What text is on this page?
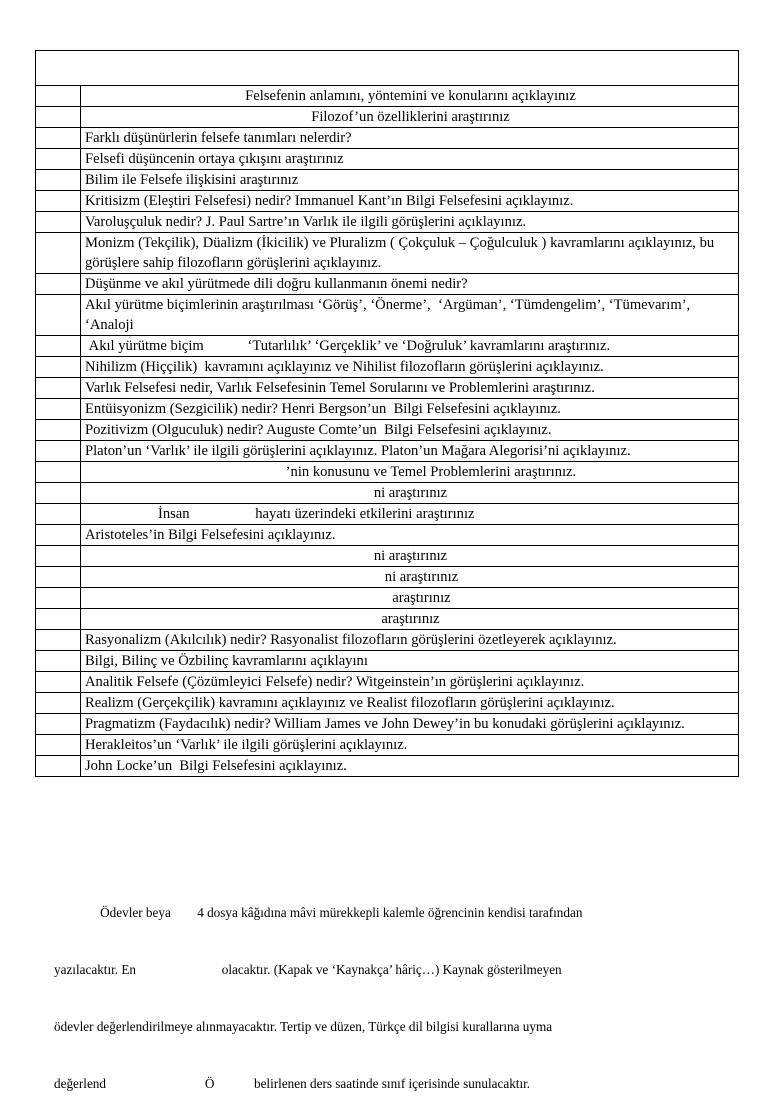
	Felsefenin anlamını, yöntemini ve konularını açıklayınız
	Filozof’un özelliklerini araştırınız
	Farklı düşünürlerin felsefe tanımları nelerdir?
	Felsefi düşüncenin ortaya çıkışını araştırınız
	Bilim ile Felsefe ilişkisini araştırınız
	Kritisizm (Eleştiri Felsefesi) nedir? Immanuel Kant’ın Bilgi Felsefesini açıklayınız.
	Varoluşçuluk nedir? J. Paul Sartre’ın Varlık ile ilgili görüşlerini açıklayınız.
	Monizm (Tekçilik), Düalizm (İkicilik) ve Pluralizm ( Çokçuluk – Çoğulculuk ) kavramlarını açıklayınız, bu görüşlere sahip filozofların görüşlerini açıklayınız.
	Düşünme ve akıl yürütmede dili doğru kullanmanın önemi nedir?
	Akıl yürütme biçimlerinin araştırılması ‘Görüş’, ‘Önerme’,  ‘Argüman’, ‘Tümdengelim’, ‘Tümevarım’, ‘Analoji
	Akıl yürütme biçim            ‘Tutarlılık’ ‘Gerçeklik’ ve ‘Doğruluk’ kavramlarını araştırınız.
	Nihilizm (Hiççilik)  kavramını açıklayınız ve Nihilist filozofların görüşlerini açıklayınız.
	Varlık Felsefesi nedir, Varlık Felsefesinin Temel Sorularını ve Problemlerini araştırınız.
	Entüisyonizm (Sezgicilik) nedir? Henri Bergson’un  Bilgi Felsefesini açıklayınız.
	Pozitivizm (Olguculuk) nedir? Auguste Comte’un  Bilgi Felsefesini açıklayınız.
	Platon’un ‘Varlık’ ile ilgili görüşlerini açıklayınız. Platon’un Mağara Alegorisi’ni açıklayınız.
	’nin konusunu ve Temel Problemlerini araştırınız.
	ni araştırınız
	İnsan                  hayatı üzerindeki etkilerini araştırınız
	Aristoteles’in Bilgi Felsefesini açıklayınız.
	ni araştırınız
	ni araştırınız
	araştırınız
	araştırınız
	Rasyonalizm (Akılcılık) nedir? Rasyonalist filozofların görüşlerini özetleyerek açıklayınız.
	Bilgi, Bilinç ve Özbilinç kavramlarını açıklayını
	Analitik Felsefe (Çözümleyici Felsefe) nedir? Witgeinstein’ın görüşlerini açıklayınız.
	Realizm (Gerçekçilik) kavramını açıklayınız ve Realist filozofların görüşlerini açıklayınız.
	Pragmatizm (Faydacılık) nedir? William James ve John Dewey’in bu konudaki görüşlerini açıklayınız.
	Herakleitos’un ‘Varlık’ ile ilgili görüşlerini açıklayınız.
	John Locke’un  Bilgi Felsefesini açıklayınız.

Ödevler beya        4 dosya kâğıdına mâvi mürekkepli kalemle öğrencinin kendisi tarafından

yazılacaktır. En                          olacaktır. (Kapak ve ‘Kaynakça’ hâriç…) Kaynak gösterilmeyen

ödevler değerlendirilmeye alınmayacaktır. Tertip ve düzen, Türkçe dil bilgisi kurallarına uyma

değerlend                              Ö            belirlenen ders saatinde sınıf içerisinde sunulacaktır.
